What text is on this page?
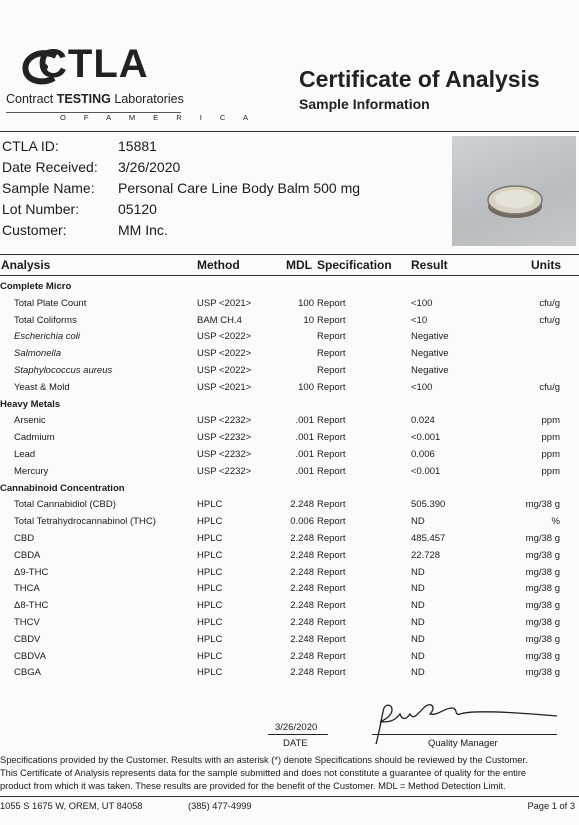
CTLA
Contract TESTING Laboratories
O F A M E R I C A
Certificate of Analysis
Sample Information
CTLA ID:	15881
Date Received: 3/26/2020
Sample Name: Personal Care Line Body Balm 500 mg
Lot Number:	05120
Customer:	MM Inc.
Analysis	Method	MDL Specification Result	Units
Complete Micro
Total Plate Count	USP <2021>	100 Report	<100	cfu/g
Total Coliforms	BAM CH.4	10 Report	<10	cfu/g
Escherichia coli	USP <2022>	Report	Negative
Salmonella	USP <2022>	Report	Negative
Staphylococcus aureus	USP <2022>	Report	Negative
Yeast & Mold	USP <2021>	100 Report	<100	cfu/g
Heavy Metals
Arsenic	USP <2232>	.001 Report	0.024	ppm
Cadmium	USP <2232>	.001 Report	<0.001	ppm
Lead	USP <2232>	.001 Report	0.006	ppm
Mercury	USP <2232>	.001 Report	<0.001	ppm
Cannabinoid Concentration
Total Cannabidiol (CBD)	HPLC	2.248 Report	505.390	mg/38 g
Total Tetrahydrocannabinol (THC)	HPLC	0.006 Report	ND	%
CBD	HPLC	2.248 Report	485.457	mg/38 g
CBDA	HPLC	2.248 Report	22.728	mg/38 g
Δ9-THC	HPLC	2.248 Report	ND	mg/38 g
THCA	HPLC	2.248 Report	ND	mg/38 g
Δ8-THC	HPLC	2.248 Report	ND	mg/38 g
THCV	HPLC	2.248 Report	ND	mg/38 g
CBDV	HPLC	2.248 Report	ND	mg/38 g
CBDVA	HPLC	2.248 Report	ND	mg/38 g
CBGA	HPLC	2.248 Report	ND	mg/38 g
3/26/2020
DATE	Quality Manager
Specifications provided by the Customer. Results with an asterisk (*) denote Specifications should be reviewed by the Customer.
This Certificate of Analysis represents data for the sample submitted and does not constitute a guarantee of quality for the entire
product from which it was taken. These results are provided for the benefit of the Customer. MDL = Method Detection Limit.
1055 S 1675 W, OREM, UT 84058	(385) 477-4999	Page 1 of 3
